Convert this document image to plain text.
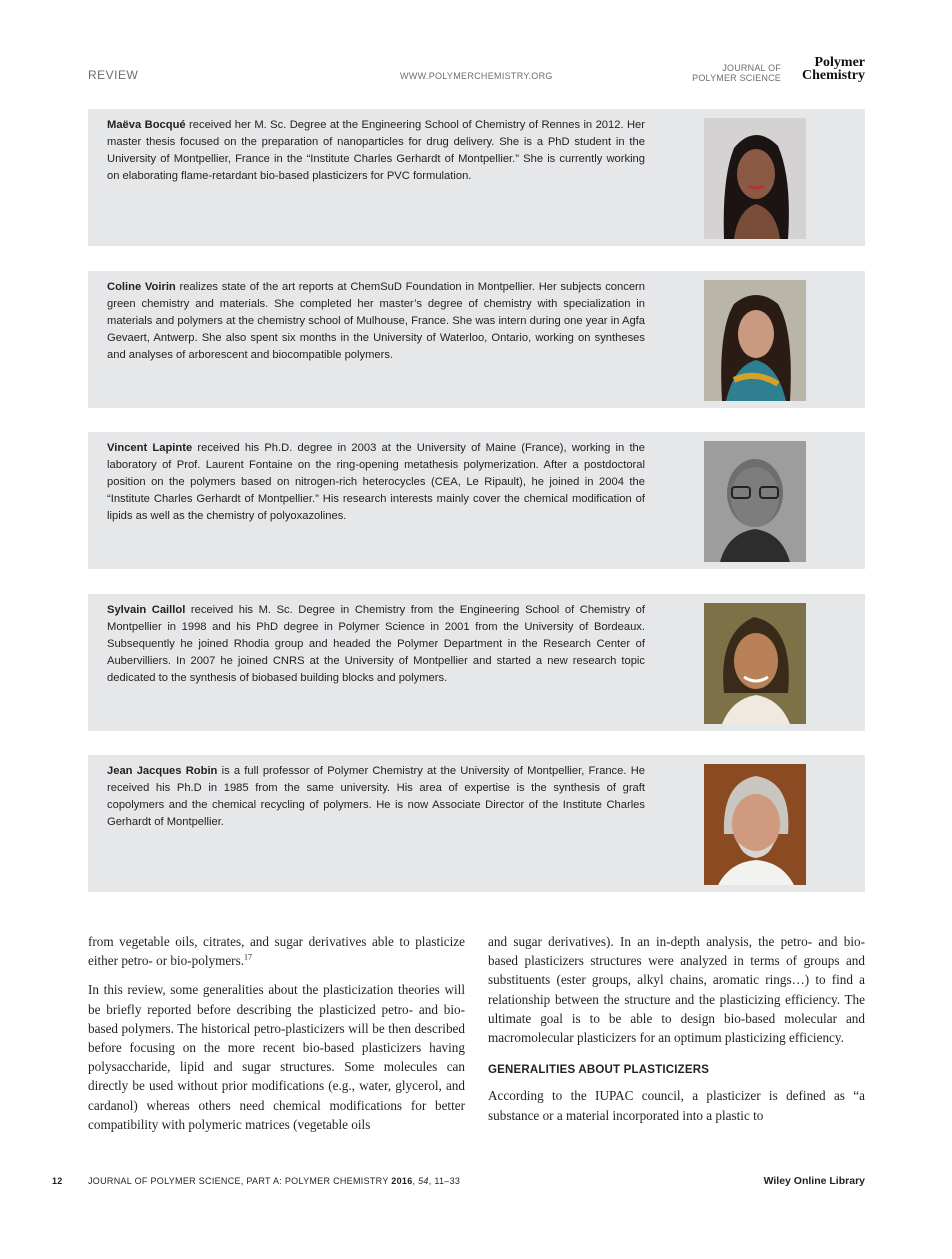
REVIEW	WWW.POLYMERCHEMISTRY.ORG
JOURNAL OF
POLYMER SCIENCE
Polymer
Chemistry

Maëva Bocqué received her M. Sc. Degree at the Engineering School of Chemistry of Rennes in 2012. Her master thesis focused on the preparation of nanoparticles for drug delivery. She is a PhD student in the University of Montpellier, France in the “Institute Charles Gerhardt of Montpellier.” She is currently working on elaborating flame-retardant bio-based plasticizers for PVC formulation.

Coline Voirin realizes state of the art reports at ChemSuD Foundation in Montpellier. Her subjects concern green chemistry and materials. She completed her master’s degree of chemistry with specialization in materials and polymers at the chemistry school of Mulhouse, France. She was intern during one year in Agfa Gevaert, Antwerp. She also spent six months in the University of Waterloo, Ontario, working on syntheses and analyses of arborescent and biocompatible polymers.

Vincent Lapinte received his Ph.D. degree in 2003 at the University of Maine (France), working in the laboratory of Prof. Laurent Fontaine on the ring-opening metathesis polymerization. After a postdoctoral position on the polymers based on nitrogen-rich heterocycles (CEA, Le Ripault), he joined in 2004 the “Institute Charles Gerhardt of Montpellier.” His research interests mainly cover the chemical modification of lipids as well as the chemistry of polyoxazolines.

Sylvain Caillol received his M. Sc. Degree in Chemistry from the Engineering School of Chemistry of Montpellier in 1998 and his PhD degree in Polymer Science in 2001 from the University of Bordeaux. Subsequently he joined Rhodia group and headed the Polymer Department in the Research Center of Aubervilliers. In 2007 he joined CNRS at the University of Montpellier and started a new research topic dedicated to the synthesis of biobased building blocks and polymers.

Jean Jacques Robin is a full professor of Polymer Chemistry at the University of Montpellier, France. He received his Ph.D in 1985 from the same university. His area of expertise is the synthesis of graft copolymers and the chemical recycling of polymers. He is now Associate Director of the Institute Charles Gerhardt of Montpellier.

from vegetable oils, citrates, and sugar derivatives able to plasticize either petro- or bio-polymers.$^{17}$

In this review, some generalities about the plasticization theories will be briefly reported before describing the plasticized petro- and bio-based polymers. The historical petro-plasticizers will be then described before focusing on the more recent bio-based plasticizers having polysaccharide, lipid and sugar structures. Some molecules can directly be used without prior modifications (e.g., water, glycerol, and cardanol) whereas others need chemical modifications for better compatibility with polymeric matrices (vegetable oils

and sugar derivatives). In an in-depth analysis, the petro- and bio-based plasticizers structures were analyzed in terms of groups and substituents (ester groups, alkyl chains, aromatic rings…) to find a relationship between the structure and the plasticizing efficiency. The ultimate goal is to be able to design bio-based molecular and macromolecular plasticizers for an optimum plasticizing efficiency.

GENERALITIES ABOUT PLASTICIZERS

According to the IUPAC council, a plasticizer is defined as “a substance or a material incorporated into a plastic to

12	JOURNAL OF POLYMER SCIENCE, PART A: POLYMER CHEMISTRY 2016, 54, 11–33	Wiley Online Library
